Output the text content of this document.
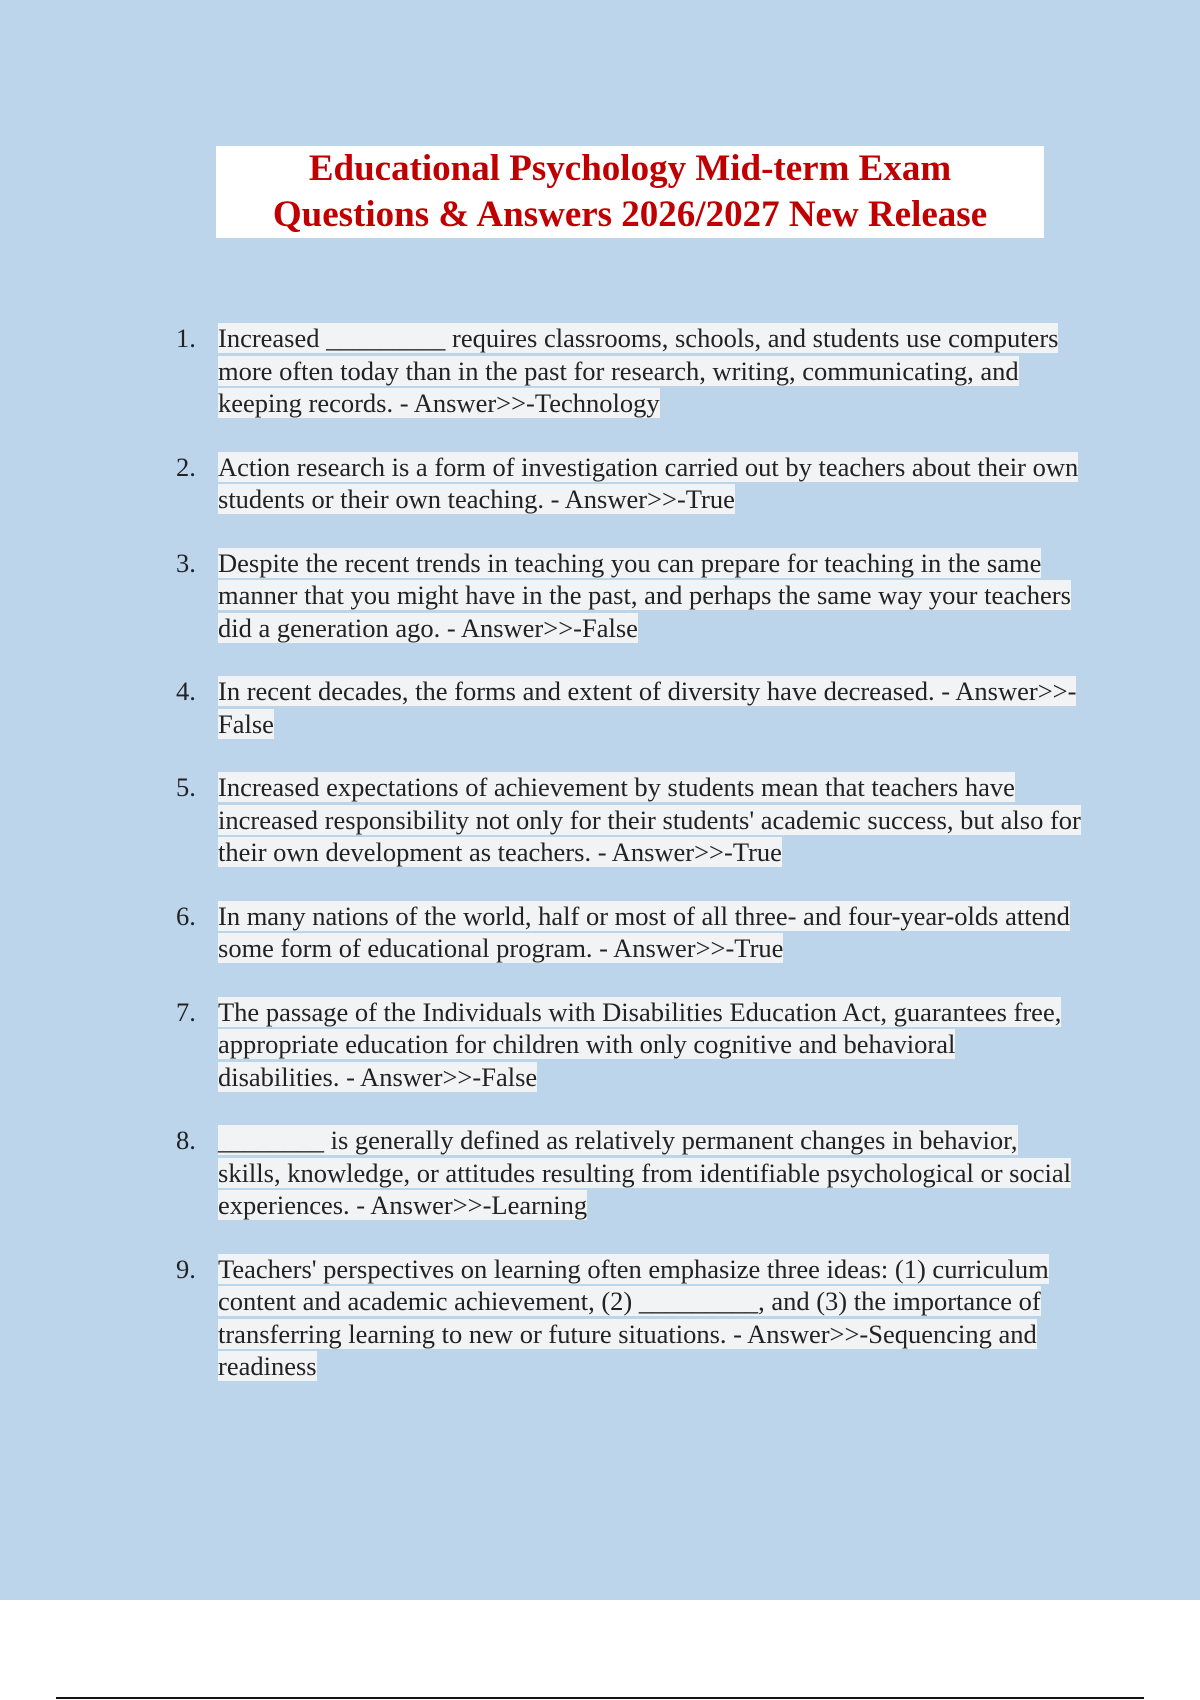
Educational Psychology Mid-term Exam
Questions & Answers 2026/2027 New Release
1. Increased _________ requires classrooms, schools, and students use computers more often today than in the past for research, writing, communicating, and keeping records. - Answer>>-Technology
2. Action research is a form of investigation carried out by teachers about their own students or their own teaching. - Answer>>-True
3. Despite the recent trends in teaching you can prepare for teaching in the same manner that you might have in the past, and perhaps the same way your teachers did a generation ago. - Answer>>-False
4. In recent decades, the forms and extent of diversity have decreased. - Answer>>-False
5. Increased expectations of achievement by students mean that teachers have increased responsibility not only for their students' academic success, but also for their own development as teachers. - Answer>>-True
6. In many nations of the world, half or most of all three- and four-year-olds attend some form of educational program. - Answer>>-True
7. The passage of the Individuals with Disabilities Education Act, guarantees free, appropriate education for children with only cognitive and behavioral disabilities. - Answer>>-False
8. ________ is generally defined as relatively permanent changes in behavior, skills, knowledge, or attitudes resulting from identifiable psychological or social experiences. - Answer>>-Learning
9. Teachers' perspectives on learning often emphasize three ideas: (1) curriculum content and academic achievement, (2) _________, and (3) the importance of transferring learning to new or future situations. - Answer>>-Sequencing and readiness
